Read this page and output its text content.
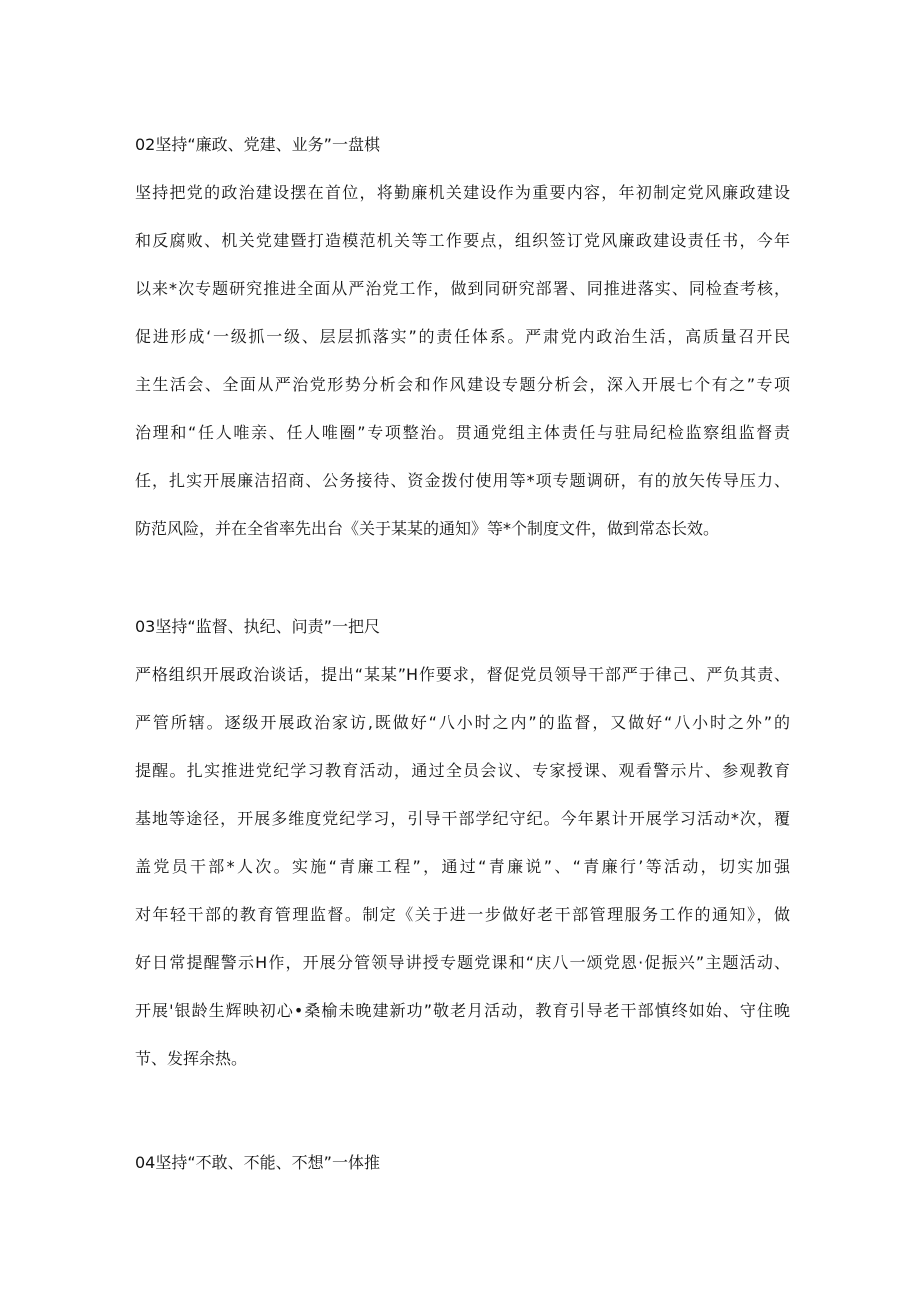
02坚持“廉政、党建、业务”一盘棋
坚持把党的政治建设摆在首位，将勤廉机关建设作为重要内容，年初制定党风廉政建设
和反腐败、机关党建暨打造模范机关等工作要点，组织签订党风廉政建设责任书，今年
以来*次专题研究推进全面从严治党工作，做到同研究部署、同推进落实、同检查考核，
促进形成‘一级抓一级、层层抓落实”的责任体系。严肃党内政治生活，高质量召开民
主生活会、全面从严治党形势分析会和作风建设专题分析会，深入开展七个有之”专项
治理和“任人唯亲、任人唯圈”专项整治。贯通党组主体责任与驻局纪检监察组监督责
任，扎实开展廉洁招商、公务接待、资金拨付使用等*项专题调研，有的放矢传导压力、
防范风险，并在全省率先出台《关于某某的通知》等*个制度文件，做到常态长效。
03坚持“监督、执纪、问责”一把尺
严格组织开展政治谈话，提出“某某”H作要求，督促党员领导干部严于律己、严负其责、
严管所辖。逐级开展政治家访,既做好“八小时之内”的监督，又做好“八小时之外”的
提醒。扎实推进党纪学习教育活动，通过全员会议、专家授课、观看警示片、参观教育
基地等途径，开展多维度党纪学习，引导干部学纪守纪。今年累计开展学习活动*次，覆
盖党员干部*人次。实施“青廉工程”，通过“青廉说”、“青廉行’等活动，切实加强
对年轻干部的教育管理监督。制定《关于进一步做好老干部管理服务工作的通知》，做
好日常提醒警示H作，开展分管领导讲授专题党课和“庆八一颂党恩·促振兴”主题活动、
开展'银龄生辉映初心•桑榆未晚建新功”敬老月活动，教育引导老干部慎终如始、守住晚
节、发挥余热。
04坚持“不敢、不能、不想”一体推
